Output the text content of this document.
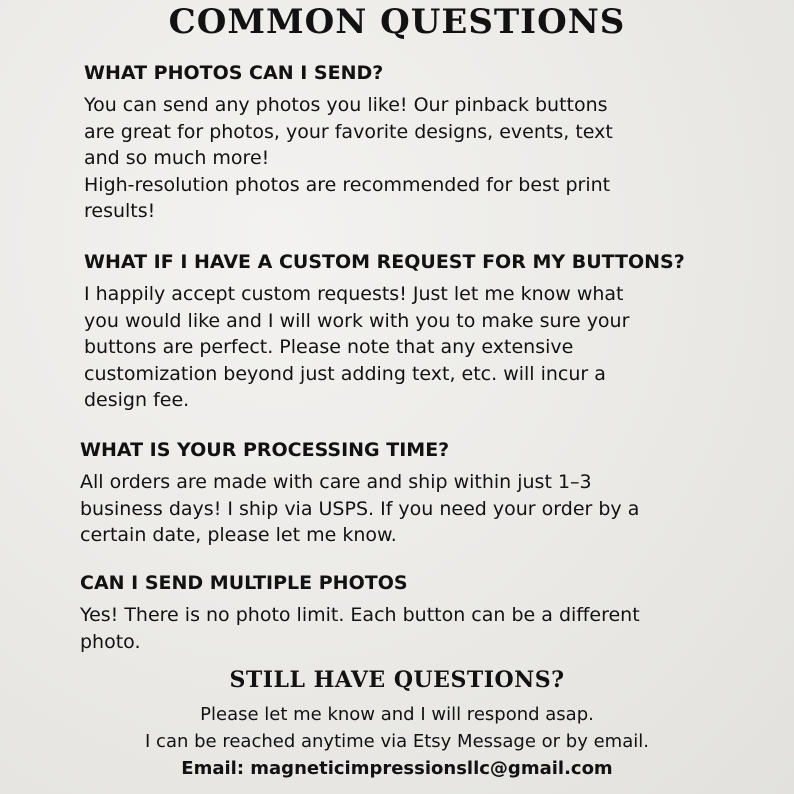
COMMON QUESTIONS
WHAT PHOTOS CAN I SEND?

You can send any photos you like! Our pinback buttons

are great for photos, your favorite designs, events, text

and so much more!

High-resolution photos are recommended for best print

results!

WHAT IF I HAVE A CUSTOM REQUEST FOR MY BUTTONS?

I happily accept custom requests! Just let me know what

you would like and I will work with you to make sure your

buttons are perfect. Please note that any extensive

customization beyond just adding text, etc. will incur a

design fee.

WHAT IS YOUR PROCESSING TIME?

All orders are made with care and ship within just 1–3

business days! I ship via USPS. If you need your order by a

certain date, please let me know.

CAN I SEND MULTIPLE PHOTOS

Yes! There is no photo limit. Each button can be a different

photo.

STILL HAVE QUESTIONS?
Please let me know and I will respond asap.
I can be reached anytime via Etsy Message or by email.
Email: magneticimpressionsllc@gmail.com
